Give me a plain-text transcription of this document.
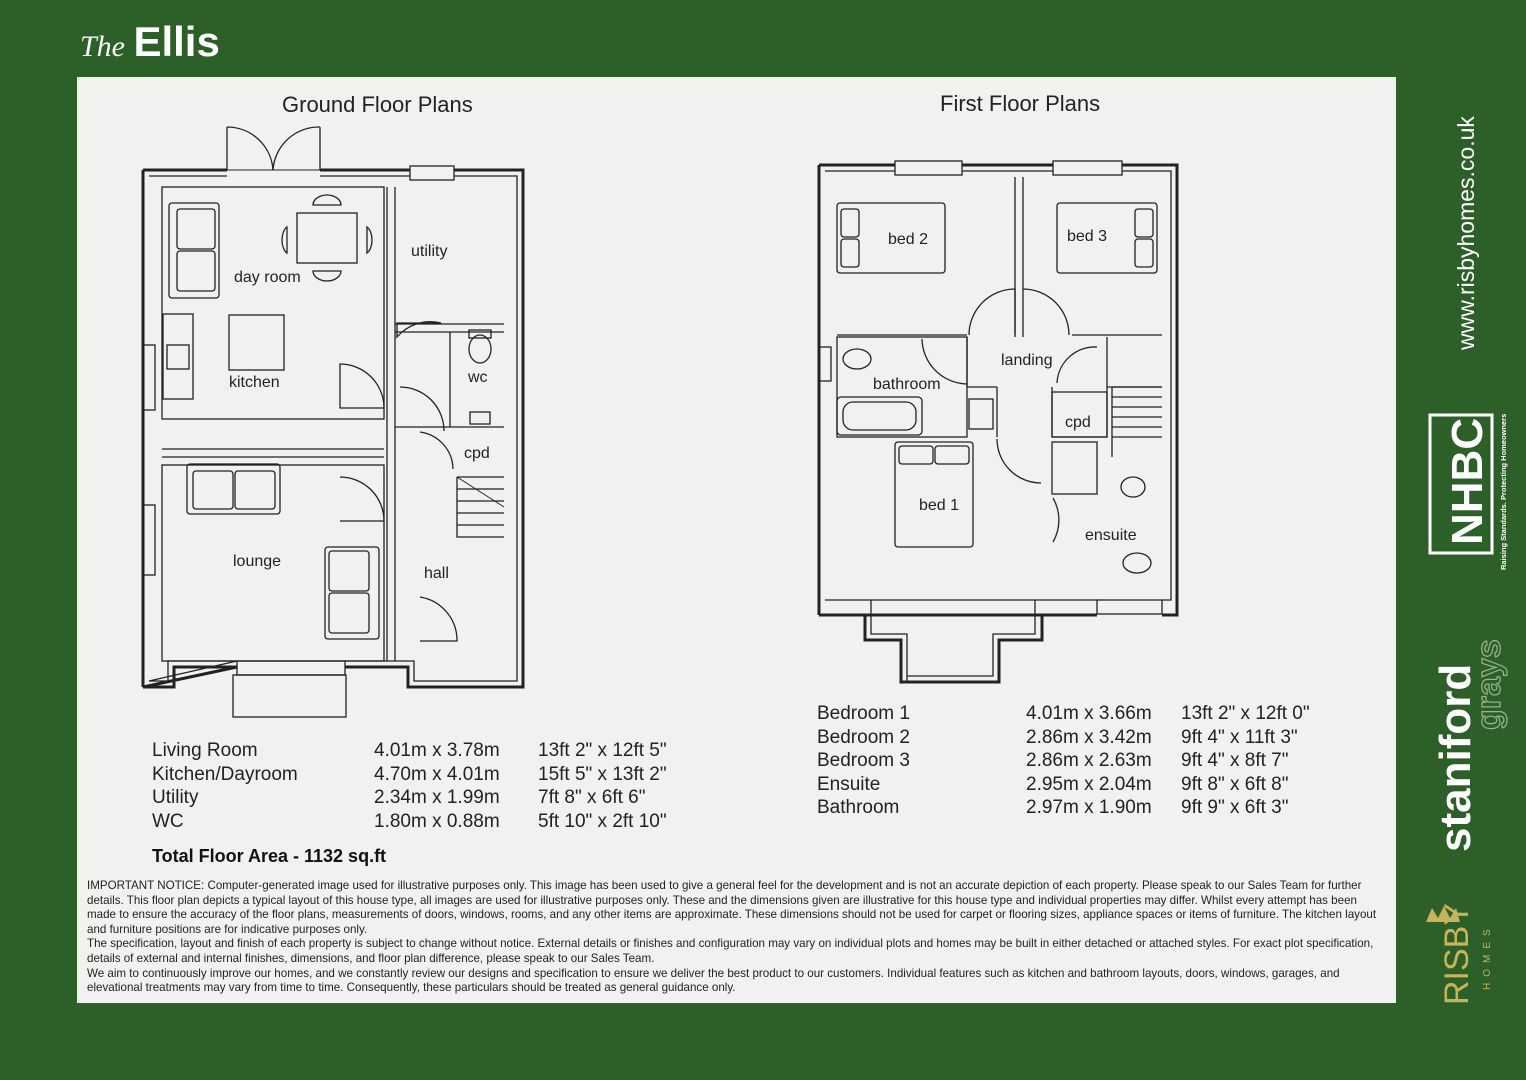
The Ellis
Ground Floor Plans	First Floor Plans
day room
kitchen
utility
wc
cpd
lounge
hall
bed 2	bed 3
landing
bathroom
cpd
bed 1
ensuite
Living Room	4.01m x 3.78m 13ft 2" x 12ft 5"
Kitchen/Dayroom	4.70m x 4.01m 15ft 5" x 13ft 2"
Utility	2.34m x 1.99m 7ft 8" x 6ft 6"
WC	1.80m x 0.88m 5ft 10" x 2ft 10"
Total Floor Area - 1132 sq.ft
Bedroom 1	4.01m x 3.66m 13ft 2" x 12ft 0"
Bedroom 2	2.86m x 3.42m 9ft 4" x 11ft 3"
Bedroom 3	2.86m x 2.63m 9ft 4" x 8ft 7"
Ensuite	2.95m x 2.04m 9ft 8" x 6ft 8"
Bathroom	2.97m x 1.90m 9ft 9" x 6ft 3"

IMPORTANT NOTICE: Computer-generated image used for illustrative purposes only. This image has been used to give a general feel for the development and is not an accurate depiction of each property. Please speak to our Sales Team for further details. This floor plan depicts a typical layout of this house type, all images are used for illustrative purposes only. These and the dimensions given are illustrative for this house type and individual properties may differ. Whilst every attempt has been made to ensure the accuracy of the floor plans, measurements of doors, windows, rooms, and any other items are approximate. These dimensions should not be used for carpet or flooring sizes, appliance spaces or items of furniture. The kitchen layout and furniture positions are for indicative purposes only.

The specification, layout and finish of each property is subject to change without notice. External details or finishes and configuration may vary on individual plots and homes may be built in either detached or attached styles. For exact plot specification, details of external and internal finishes, dimensions, and floor plan difference, please speak to our Sales Team.

We aim to continuously improve our homes, and we constantly review our designs and specification to ensure we deliver the best product to our customers. Individual features such as kitchen and bathroom layouts, doors, windows, garages, and elevational treatments may vary from time to time. Consequently, these particulars should be treated as general guidance only.

www.risbyhomes.co.uk
NHBC Raising Standards. Protecting Homeowners
staniford
grays
RISBY HOMES
